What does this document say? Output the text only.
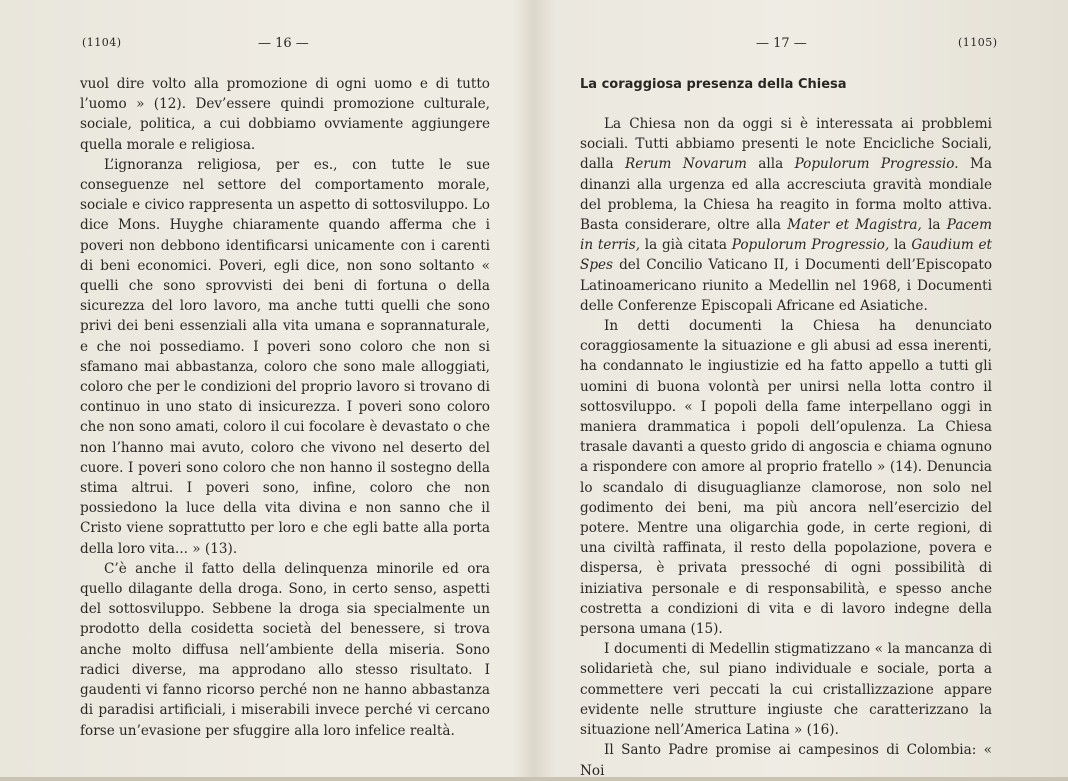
(1104)	— 16 —

vuol dire volto alla promozione di ogni uomo e di tutto l’uomo » (12). Dev’essere quindi promozione culturale, sociale, politica, a cui dobbiamo ovviamente aggiungere quella morale e religiosa.

L’ignoranza religiosa, per es., con tutte le sue conseguenze nel settore del comportamento morale, sociale e civico rappresenta un aspetto di sottosviluppo. Lo dice Mons. Huyghe chiaramente quando afferma che i poveri non debbono identificarsi unicamente con i carenti di beni economici. Poveri, egli dice, non sono soltanto « quelli che sono sprovvisti dei beni di fortuna o della sicurezza del loro lavoro, ma anche tutti quelli che sono privi dei beni essenziali alla vita umana e soprannaturale, e che noi possediamo. I poveri sono coloro che non si sfamano mai abbastanza, coloro che sono male alloggiati, coloro che per le condizioni del proprio lavoro si trovano di continuo in uno stato di insicurezza. I poveri sono coloro che non sono amati, coloro il cui focolare è devastato o che non l’hanno mai avuto, coloro che vivono nel deserto del cuore. I poveri sono coloro che non hanno il sostegno della stima altrui. I poveri sono, infine, coloro che non possiedono la luce della vita divina e non sanno che il Cristo viene soprattutto per loro e che egli batte alla porta della loro vita... » (13).

C’è anche il fatto della delinquenza minorile ed ora quello dilagante della droga. Sono, in certo senso, aspetti del sottosviluppo. Sebbene la droga sia specialmente un prodotto della cosidetta società del benessere, si trova anche molto diffusa nell’ambiente della miseria. Sono radici diverse, ma approdano allo stesso risultato. I gaudenti vi fanno ricorso perché non ne hanno abbastanza di paradisi artificiali, i miserabili invece perché vi cercano forse un’evasione per sfuggire alla loro infelice realtà.

— 17 —	(1105)
La coraggiosa presenza della Chiesa

La Chiesa non da oggi si è interessata ai probblemi sociali. Tutti abbiamo presenti le note Encicliche Sociali, dalla Rerum Novarum alla Populorum Progressio. Ma dinanzi alla urgenza ed alla accresciuta gravità mondiale del problema, la Chiesa ha reagito in forma molto attiva. Basta considerare, oltre alla Mater et Magistra, la Pacem in terris, la già citata Populorum Progressio, la Gaudium et Spes del Concilio Vaticano II, i Documenti dell’Episcopato Latinoamericano riunito a Medellin nel 1968, i Documenti delle Conferenze Episcopali Africane ed Asiatiche.

In detti documenti la Chiesa ha denunciato coraggiosamente la situazione e gli abusi ad essa inerenti, ha condannato le ingiustizie ed ha fatto appello a tutti gli uomini di buona volontà per unirsi nella lotta contro il sottosviluppo. « I popoli della fame interpellano oggi in maniera drammatica i popoli dell’opulenza. La Chiesa trasale davanti a questo grido di angoscia e chiama ognuno a rispondere con amore al proprio fratello » (14). Denuncia lo scandalo di disuguaglianze clamorose, non solo nel godimento dei beni, ma più ancora nell’esercizio del potere. Mentre una oligarchia gode, in certe regioni, di una civiltà raffinata, il resto della popolazione, povera e dispersa, è privata pressoché di ogni possibilità di iniziativa personale e di responsabilità, e spesso anche costretta a condizioni di vita e di lavoro indegne della persona umana (15).

I documenti di Medellin stigmatizzano « la mancanza di solidarietà che, sul piano individuale e sociale, porta a commettere veri peccati la cui cristallizzazione appare evidente nelle strutture ingiuste che caratterizzano la situazione nell’America Latina » (16).

Il Santo Padre promise ai campesinos di Colombia: « Noi
